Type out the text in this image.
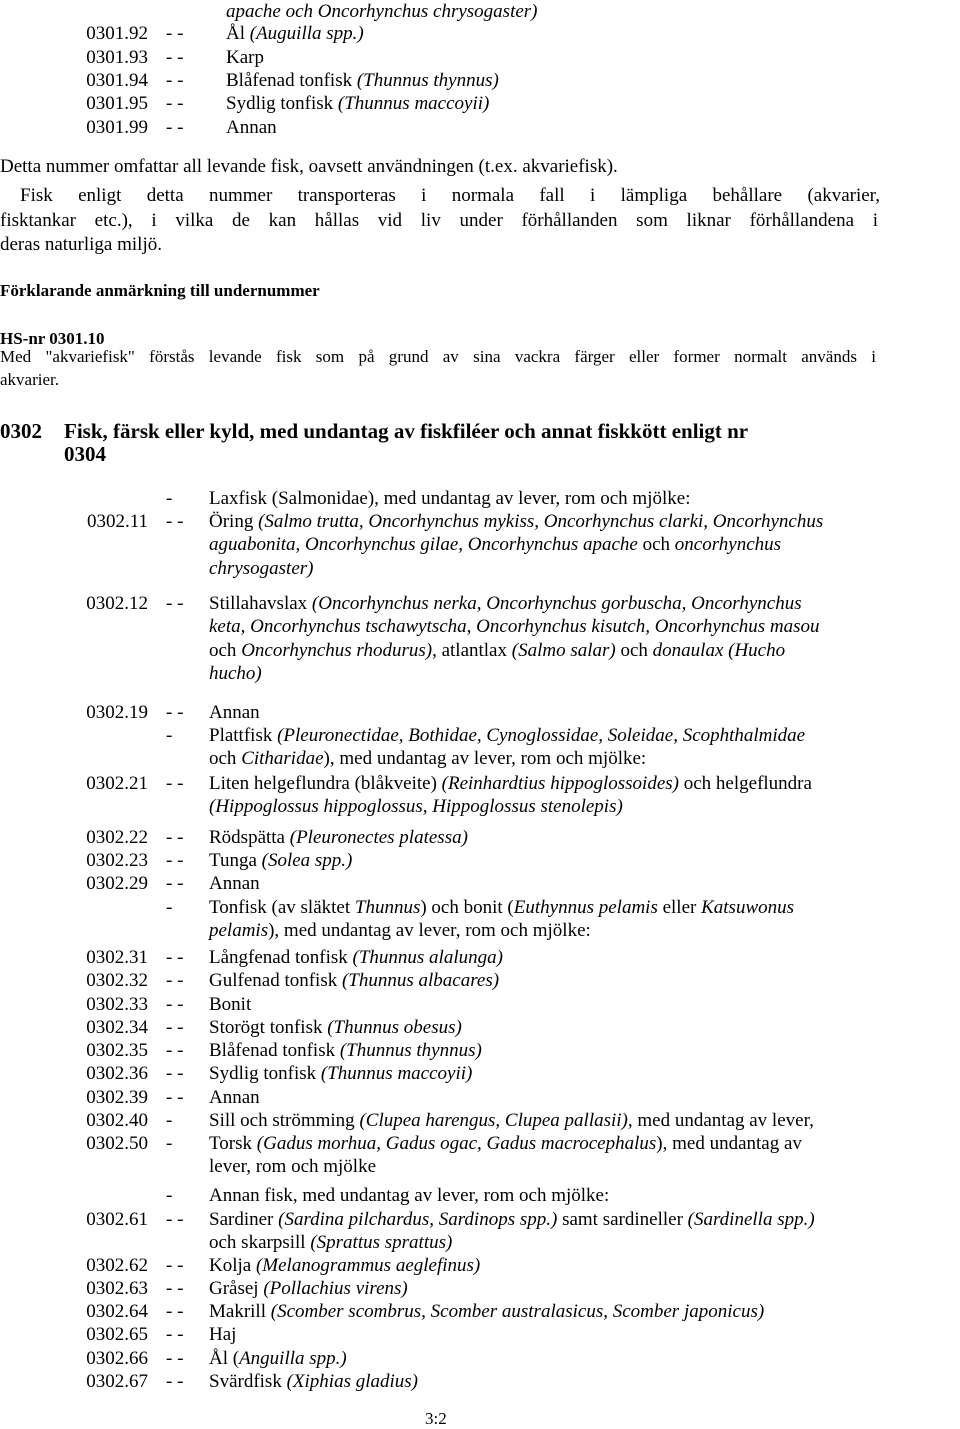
apache och Oncorhynchus chrysogaster)
0301.92 - - Ål (Auguilla spp.)
0301.93 - - Karp
0301.94 - - Blåfenad tonfisk (Thunnus thynnus)
0301.95 - - Sydlig tonfisk (Thunnus maccoyii)
0301.99 - - Annan
Detta nummer omfattar all levande fisk, oavsett användningen (t.ex. akvariefisk).
Fisk enligt detta nummer transporteras i normala fall i lämpliga behållare (akvarier,
fisktankar etc.), i vilka de kan hållas vid liv under förhållanden som liknar förhållandena i
deras naturliga miljö.
Förklarande anmärkning till undernummer
HS-nr 0301.10
Med "akvariefisk" förstås levande fisk som på grund av sina vackra färger eller former normalt används i
akvarier.
0302 Fisk, färsk eller kyld, med undantag av fiskfiléer och annat fiskkött enligt nr
0304
- Laxfisk (Salmonidae), med undantag av lever, rom och mjölke:
0302.11 - - Öring (Salmo trutta, Oncorhynchus mykiss, Oncorhynchus clarki, Oncorhynchus
aguabonita, Oncorhynchus gilae, Oncorhynchus apache och oncorhynchus
chrysogaster)
0302.12 - - Stillahavslax (Oncorhynchus nerka, Oncorhynchus gorbuscha, Oncorhynchus
keta, Oncorhynchus tschawytscha, Oncorhynchus kisutch, Oncorhynchus masou
och Oncorhynchus rhodurus), atlantlax (Salmo salar) och donaulax (Hucho
hucho)
0302.19 - - Annan
- Plattfisk (Pleuronectidae, Bothidae, Cynoglossidae, Soleidae, Scophthalmidae
och Citharidae), med undantag av lever, rom och mjölke:
0302.21 - - Liten helgeflundra (blåkveite) (Reinhardtius hippoglossoides) och helgeflundra
(Hippoglossus hippoglossus, Hippoglossus stenolepis)
0302.22 - - Rödspätta (Pleuronectes platessa)
0302.23 - - Tunga (Solea spp.)
0302.29 - - Annan
- Tonfisk (av släktet Thunnus) och bonit (Euthynnus pelamis eller Katsuwonus
pelamis), med undantag av lever, rom och mjölke:
0302.31 - - Långfenad tonfisk (Thunnus alalunga)
0302.32 - - Gulfenad tonfisk (Thunnus albacares)
0302.33 - - Bonit
0302.34 - - Storögt tonfisk (Thunnus obesus)
0302.35 - - Blåfenad tonfisk (Thunnus thynnus)
0302.36 - - Sydlig tonfisk (Thunnus maccoyii)
0302.39 - - Annan
0302.40 - Sill och strömming (Clupea harengus, Clupea pallasii), med undantag av lever,
0302.50 - Torsk (Gadus morhua, Gadus ogac, Gadus macrocephalus), med undantag av
lever, rom och mjölke
- Annan fisk, med undantag av lever, rom och mjölke:
0302.61 - - Sardiner (Sardina pilchardus, Sardinops spp.) samt sardineller (Sardinella spp.)
och skarpsill (Sprattus sprattus)
0302.62 - - Kolja (Melanogrammus aeglefinus)
0302.63 - - Gråsej (Pollachius virens)
0302.64 - - Makrill (Scomber scombrus, Scomber australasicus, Scomber japonicus)
0302.65 - - Haj
0302.66 - - Ål (Anguilla spp.)
0302.67 - - Svärdfisk (Xiphias gladius)
3:2
